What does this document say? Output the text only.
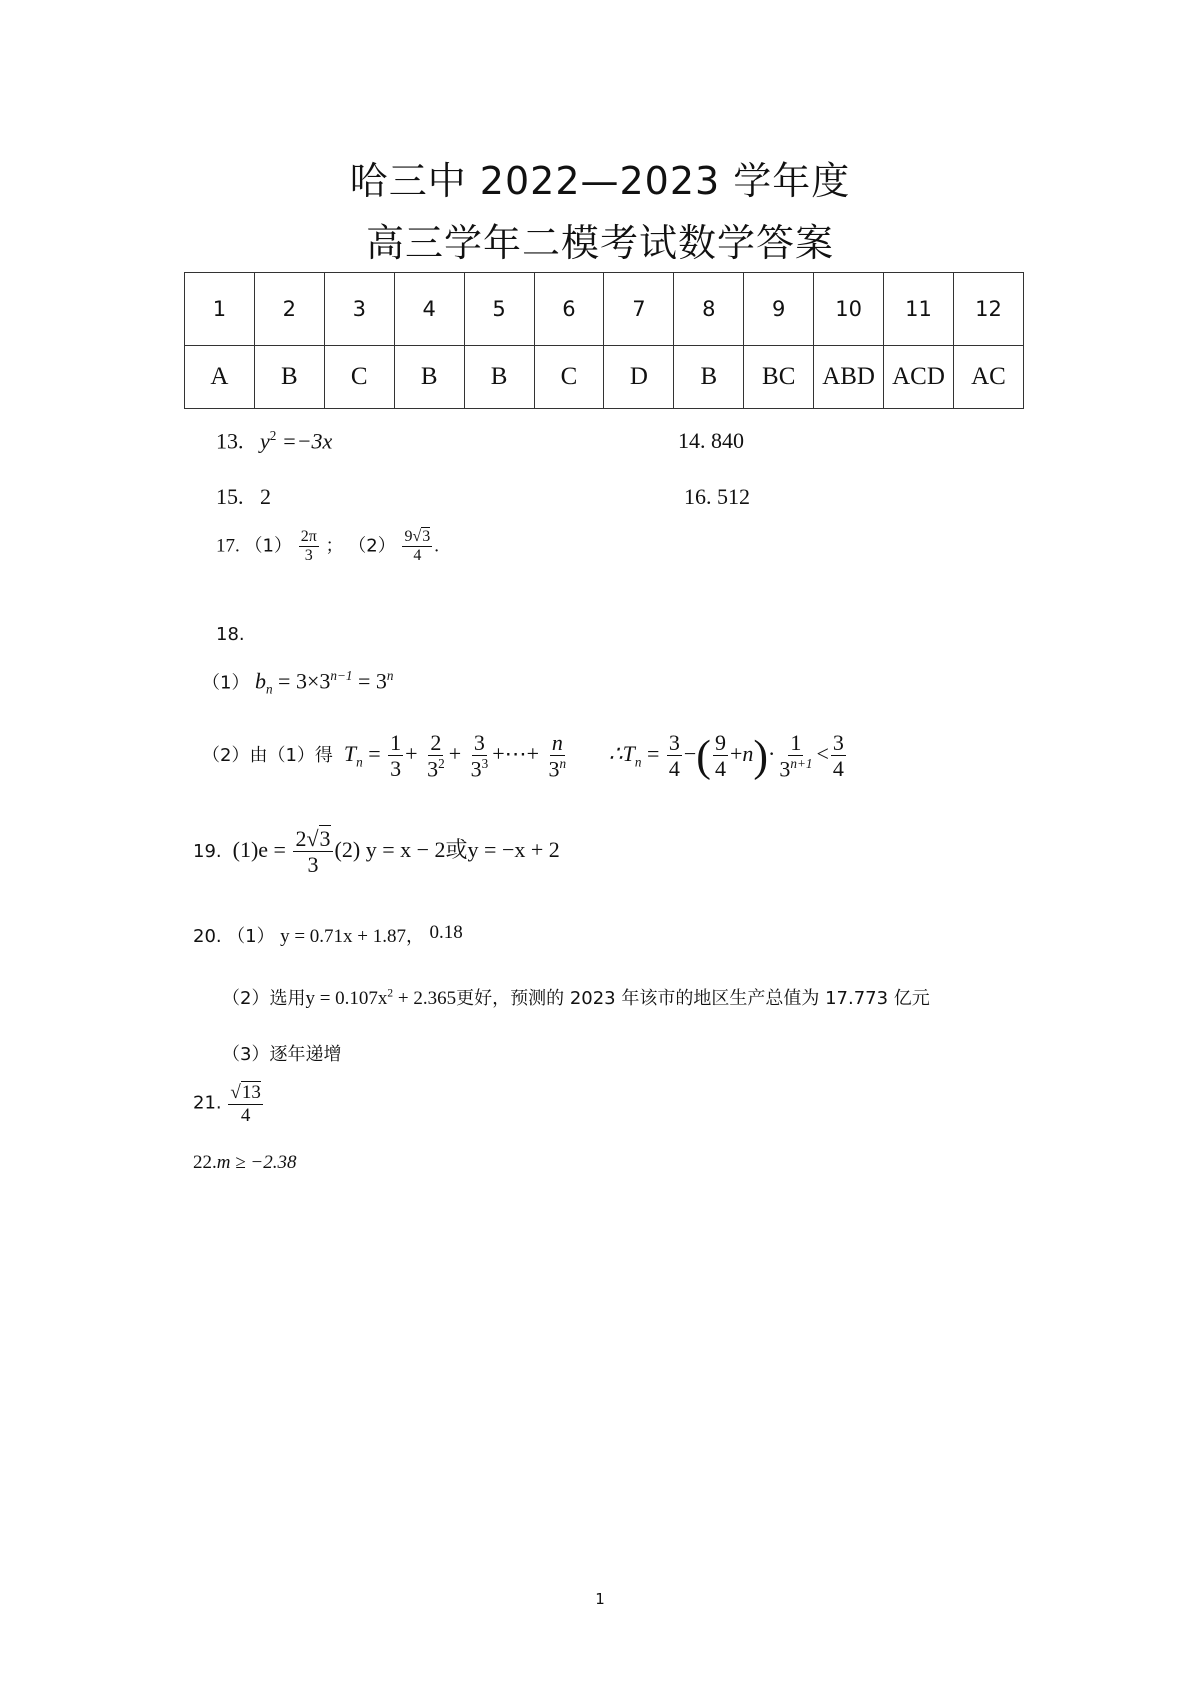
哈三中 2022—2023 学年度
高三学年二模考试数学答案
1	2	3	4	5	6	7	8	9	10	11	12
A	B	C	B	B	C	D	B	BC	ABD	ACD	AC
13. $y^2 =-3x$	14. 840
15. 2	16. 512
17. $(1) \frac{2\pi}{3}$ ； $(2) \frac{9√3}{4}$ .
18.
（1） $b_n = 3\times 3^{n-1} = 3^n$
（2）由（1）得 $T_n = \frac{1}{3} + \frac{2}{3^2} + \frac{3}{3^3}$ +⋯+ $\frac{n}{3^n}$ $\therefore T_n = \frac{3}{4}$ −( $\frac{9}{4} +n)\cdot \frac{1}{3^{n+1}} < \frac{3}{4}$
19. $(1)e = \frac{2√3}{3} (2) y = x - 2$或y = −x + 2
20. （1） y = 0.71x + 1.87， 0.18
（2）选用$y = 0.107x^2 + 2.365$更好，预测的 2023 年该市的地区生产总值为 17.773 亿元
（3）逐年递增
21. $\frac{√13}{4}$
22.m ≥ −2.38
1
